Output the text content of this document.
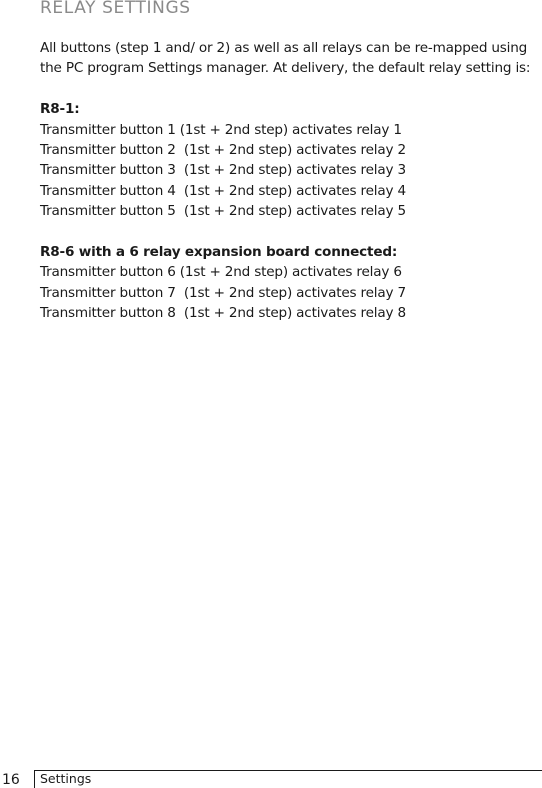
RELAY SETTINGS

All buttons (step 1 and/ or 2) as well as all relays can be re-mapped using

the PC program Settings manager. At delivery, the default relay setting is:

R8-1:

Transmitter button 1 (1st + 2nd step) activates relay 1

Transmitter button 2  (1st + 2nd step) activates relay 2

Transmitter button 3  (1st + 2nd step) activates relay 3

Transmitter button 4  (1st + 2nd step) activates relay 4

Transmitter button 5  (1st + 2nd step) activates relay 5

R8-6 with a 6 relay expansion board connected:

Transmitter button 6 (1st + 2nd step) activates relay 6

Transmitter button 7  (1st + 2nd step) activates relay 7

Transmitter button 8  (1st + 2nd step) activates relay 8

16 Settings
